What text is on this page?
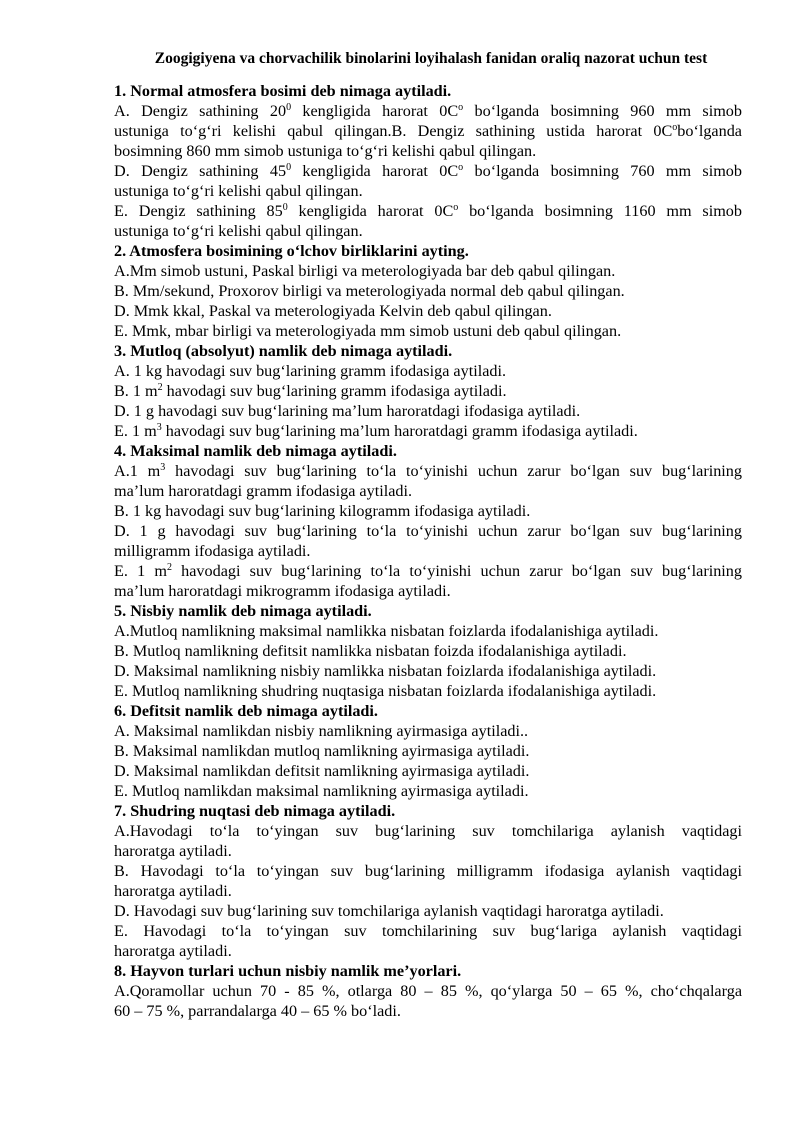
Zoogigiyena va chorvachilik binolarini loyihalash fanidan oraliq nazorat uchun test
1. Normal atmosfera bosimi deb nimaga aytiladi.
A. Dengiz sathining $20^0$ kengligida harorat $0C^o$ bo‘lganda bosimning 960 mm simob
ustuniga to‘g‘ri kelishi qabul qilingan.B. Dengiz sathining ustida harorat $0C^obo‘lganda$
bosimning 860 mm simob ustuniga to‘g‘ri kelishi qabul qilingan.
D. Dengiz sathining $45^0$ kengligida harorat $0C^o$ bo‘lganda bosimning 760 mm simob
ustuniga to‘g‘ri kelishi qabul qilingan.
E. Dengiz sathining $85^0$ kengligida harorat $0C^o$ bo‘lganda bosimning 1160 mm simob
ustuniga to‘g‘ri kelishi qabul qilingan.
2. Atmosfera bosimining o‘lchov birliklarini ayting.
A.Mm simob ustuni, Paskal birligi va meterologiyada bar deb qabul qilingan.
B. Mm/sekund, Proxorov birligi va meterologiyada normal deb qabul qilingan.
D. Mmk kkal, Paskal va meterologiyada Kelvin deb qabul qilingan.
E. Mmk, mbar birligi va meterologiyada mm simob ustuni deb qabul qilingan.
3. Mutloq (absolyut) namlik deb nimaga aytiladi.
A. 1 kg havodagi suv bug‘larining gramm ifodasiga aytiladi.
B. 1 $m^2$ havodagi suv bug‘larining gramm ifodasiga aytiladi.
D. 1 g havodagi suv bug‘larining ma’lum haroratdagi ifodasiga aytiladi.
E. 1 $m^3$ havodagi suv bug‘larining ma’lum haroratdagi gramm ifodasiga aytiladi.
4. Maksimal namlik deb nimaga aytiladi.
A.1 $m^3$ havodagi suv bug‘larining to‘la to‘yinishi uchun zarur bo‘lgan suv bug‘larining
ma’lum haroratdagi gramm ifodasiga aytiladi.
B. 1 kg havodagi suv bug‘larining kilogramm ifodasiga aytiladi.
D. 1 g havodagi suv bug‘larining to‘la to‘yinishi uchun zarur bo‘lgan suv bug‘larining
milligramm ifodasiga aytiladi.
E. 1 $m^2$ havodagi suv bug‘larining to‘la to‘yinishi uchun zarur bo‘lgan suv bug‘larining
ma’lum haroratdagi mikrogramm ifodasiga aytiladi.
5. Nisbiy namlik deb nimaga aytiladi.
A.Mutloq namlikning maksimal namlikka nisbatan foizlarda ifodalanishiga aytiladi.
B. Mutloq namlikning defitsit namlikka nisbatan foizda ifodalanishiga aytiladi.
D. Maksimal namlikning nisbiy namlikka nisbatan foizlarda ifodalanishiga aytiladi.
E. Mutloq namlikning shudring nuqtasiga nisbatan foizlarda ifodalanishiga aytiladi.
6. Defitsit namlik deb nimaga aytiladi.
A. Maksimal namlikdan nisbiy namlikning ayirmasiga aytiladi..
B. Maksimal namlikdan mutloq namlikning ayirmasiga aytiladi.
D. Maksimal namlikdan defitsit namlikning ayirmasiga aytiladi.
E. Mutloq namlikdan maksimal namlikning ayirmasiga aytiladi.
7. Shudring nuqtasi deb nimaga aytiladi.
A.Havodagi to‘la to‘yingan suv bug‘larining suv tomchilariga aylanish vaqtidagi
haroratga aytiladi.
B. Havodagi to‘la to‘yingan suv bug‘larining milligramm ifodasiga aylanish vaqtidagi
haroratga aytiladi.
D. Havodagi suv bug‘larining suv tomchilariga aylanish vaqtidagi haroratga aytiladi.
E. Havodagi to‘la to‘yingan suv tomchilarining suv bug‘lariga aylanish vaqtidagi
haroratga aytiladi.
8. Hayvon turlari uchun nisbiy namlik me’yorlari.
A.Qoramollar uchun 70 - 85 %, otlarga 80 – 85 %, qo‘ylarga 50 – 65 %, cho‘chqalarga
60 – 75 %, parrandalarga 40 – 65 % bo‘ladi.
